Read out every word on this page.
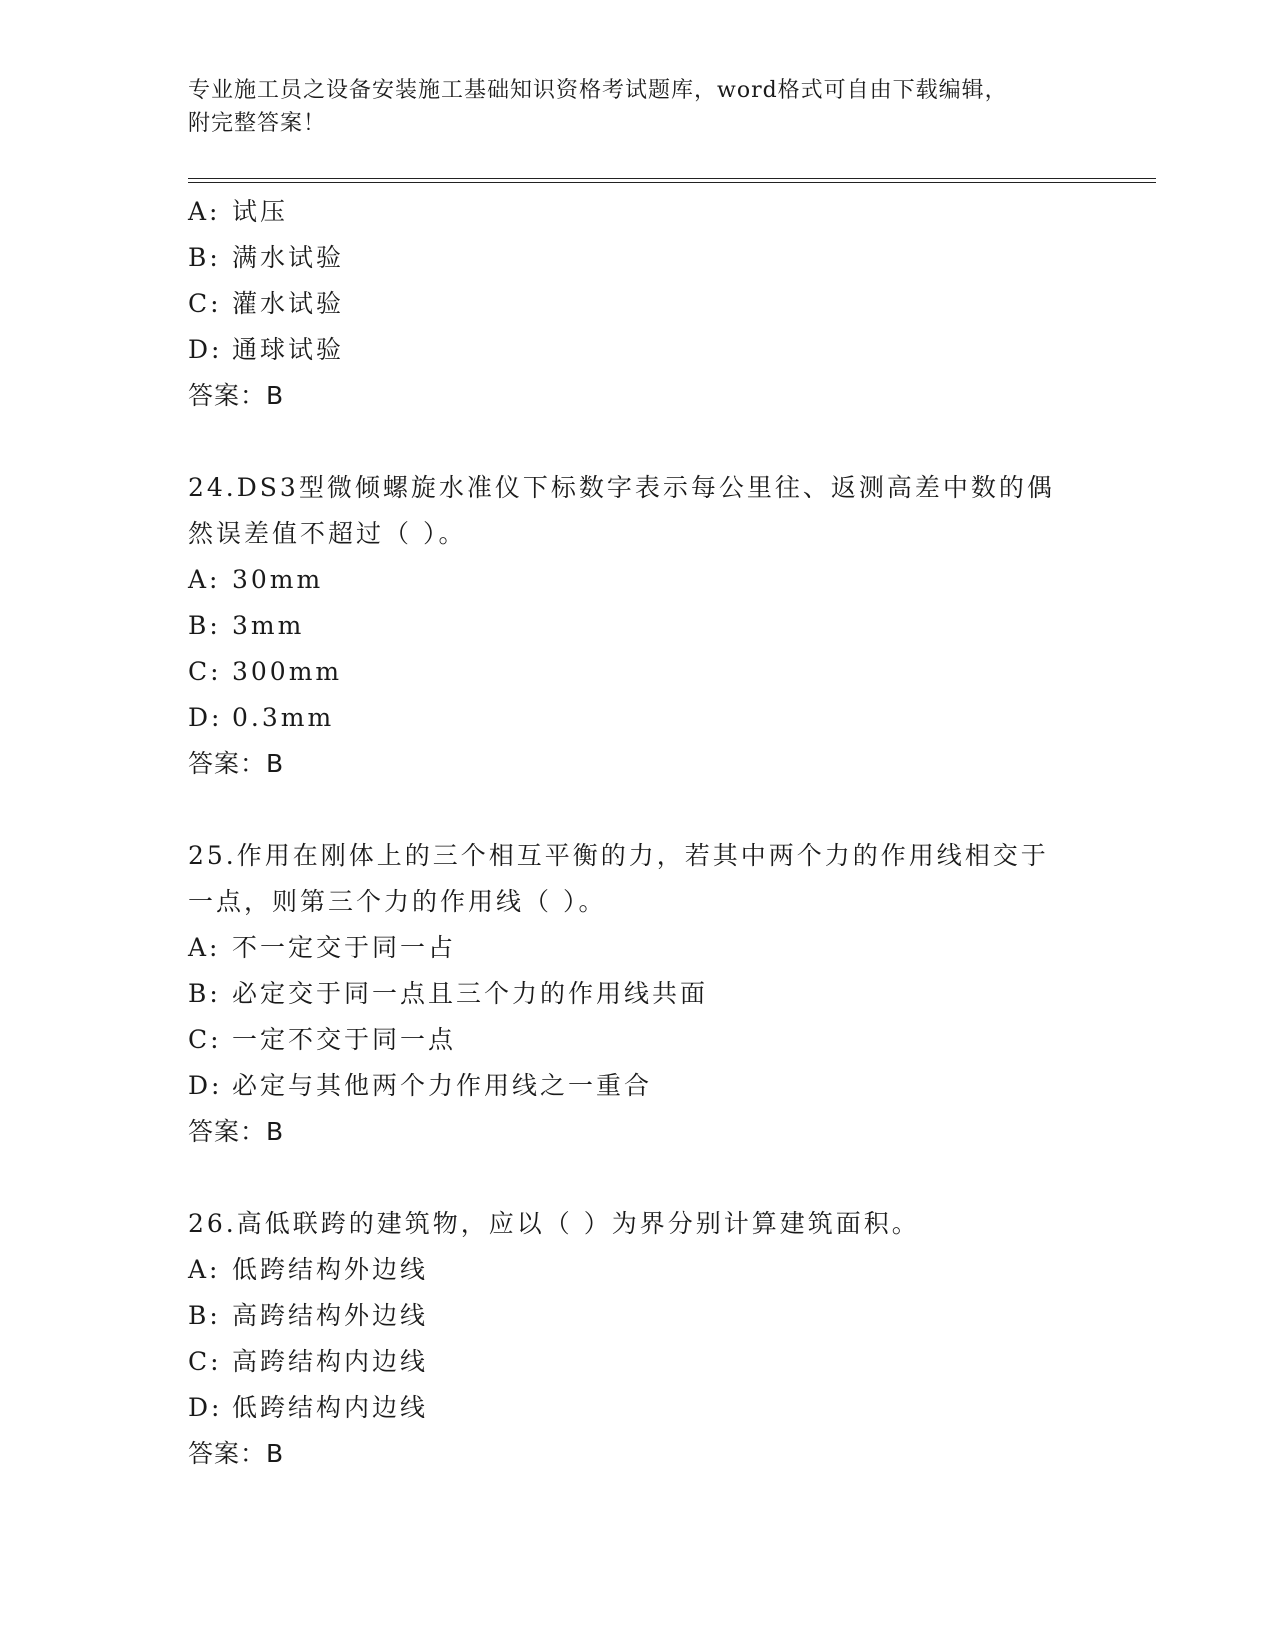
专业施工员之设备安装施工基础知识资格考试题库，word格式可自由下载编辑，
附完整答案！
A: 试压
B: 满水试验
C: 灌水试验
D: 通球试验
答案：B
24.DS3型微倾螺旋水准仪下标数字表示每公里往、返测高差中数的偶
然误差值不超过（ ）。
A: 30mm
B: 3mm
C: 300mm
D: 0.3mm
答案：B
25.作用在刚体上的三个相互平衡的力，若其中两个力的作用线相交于
一点，则第三个力的作用线（ ）。
A: 不一定交于同一占
B: 必定交于同一点且三个力的作用线共面
C: 一定不交于同一点
D: 必定与其他两个力作用线之一重合
答案：B
26.高低联跨的建筑物，应以（ ）为界分别计算建筑面积。
A: 低跨结构外边线
B: 高跨结构外边线
C: 高跨结构内边线
D: 低跨结构内边线
答案：B
